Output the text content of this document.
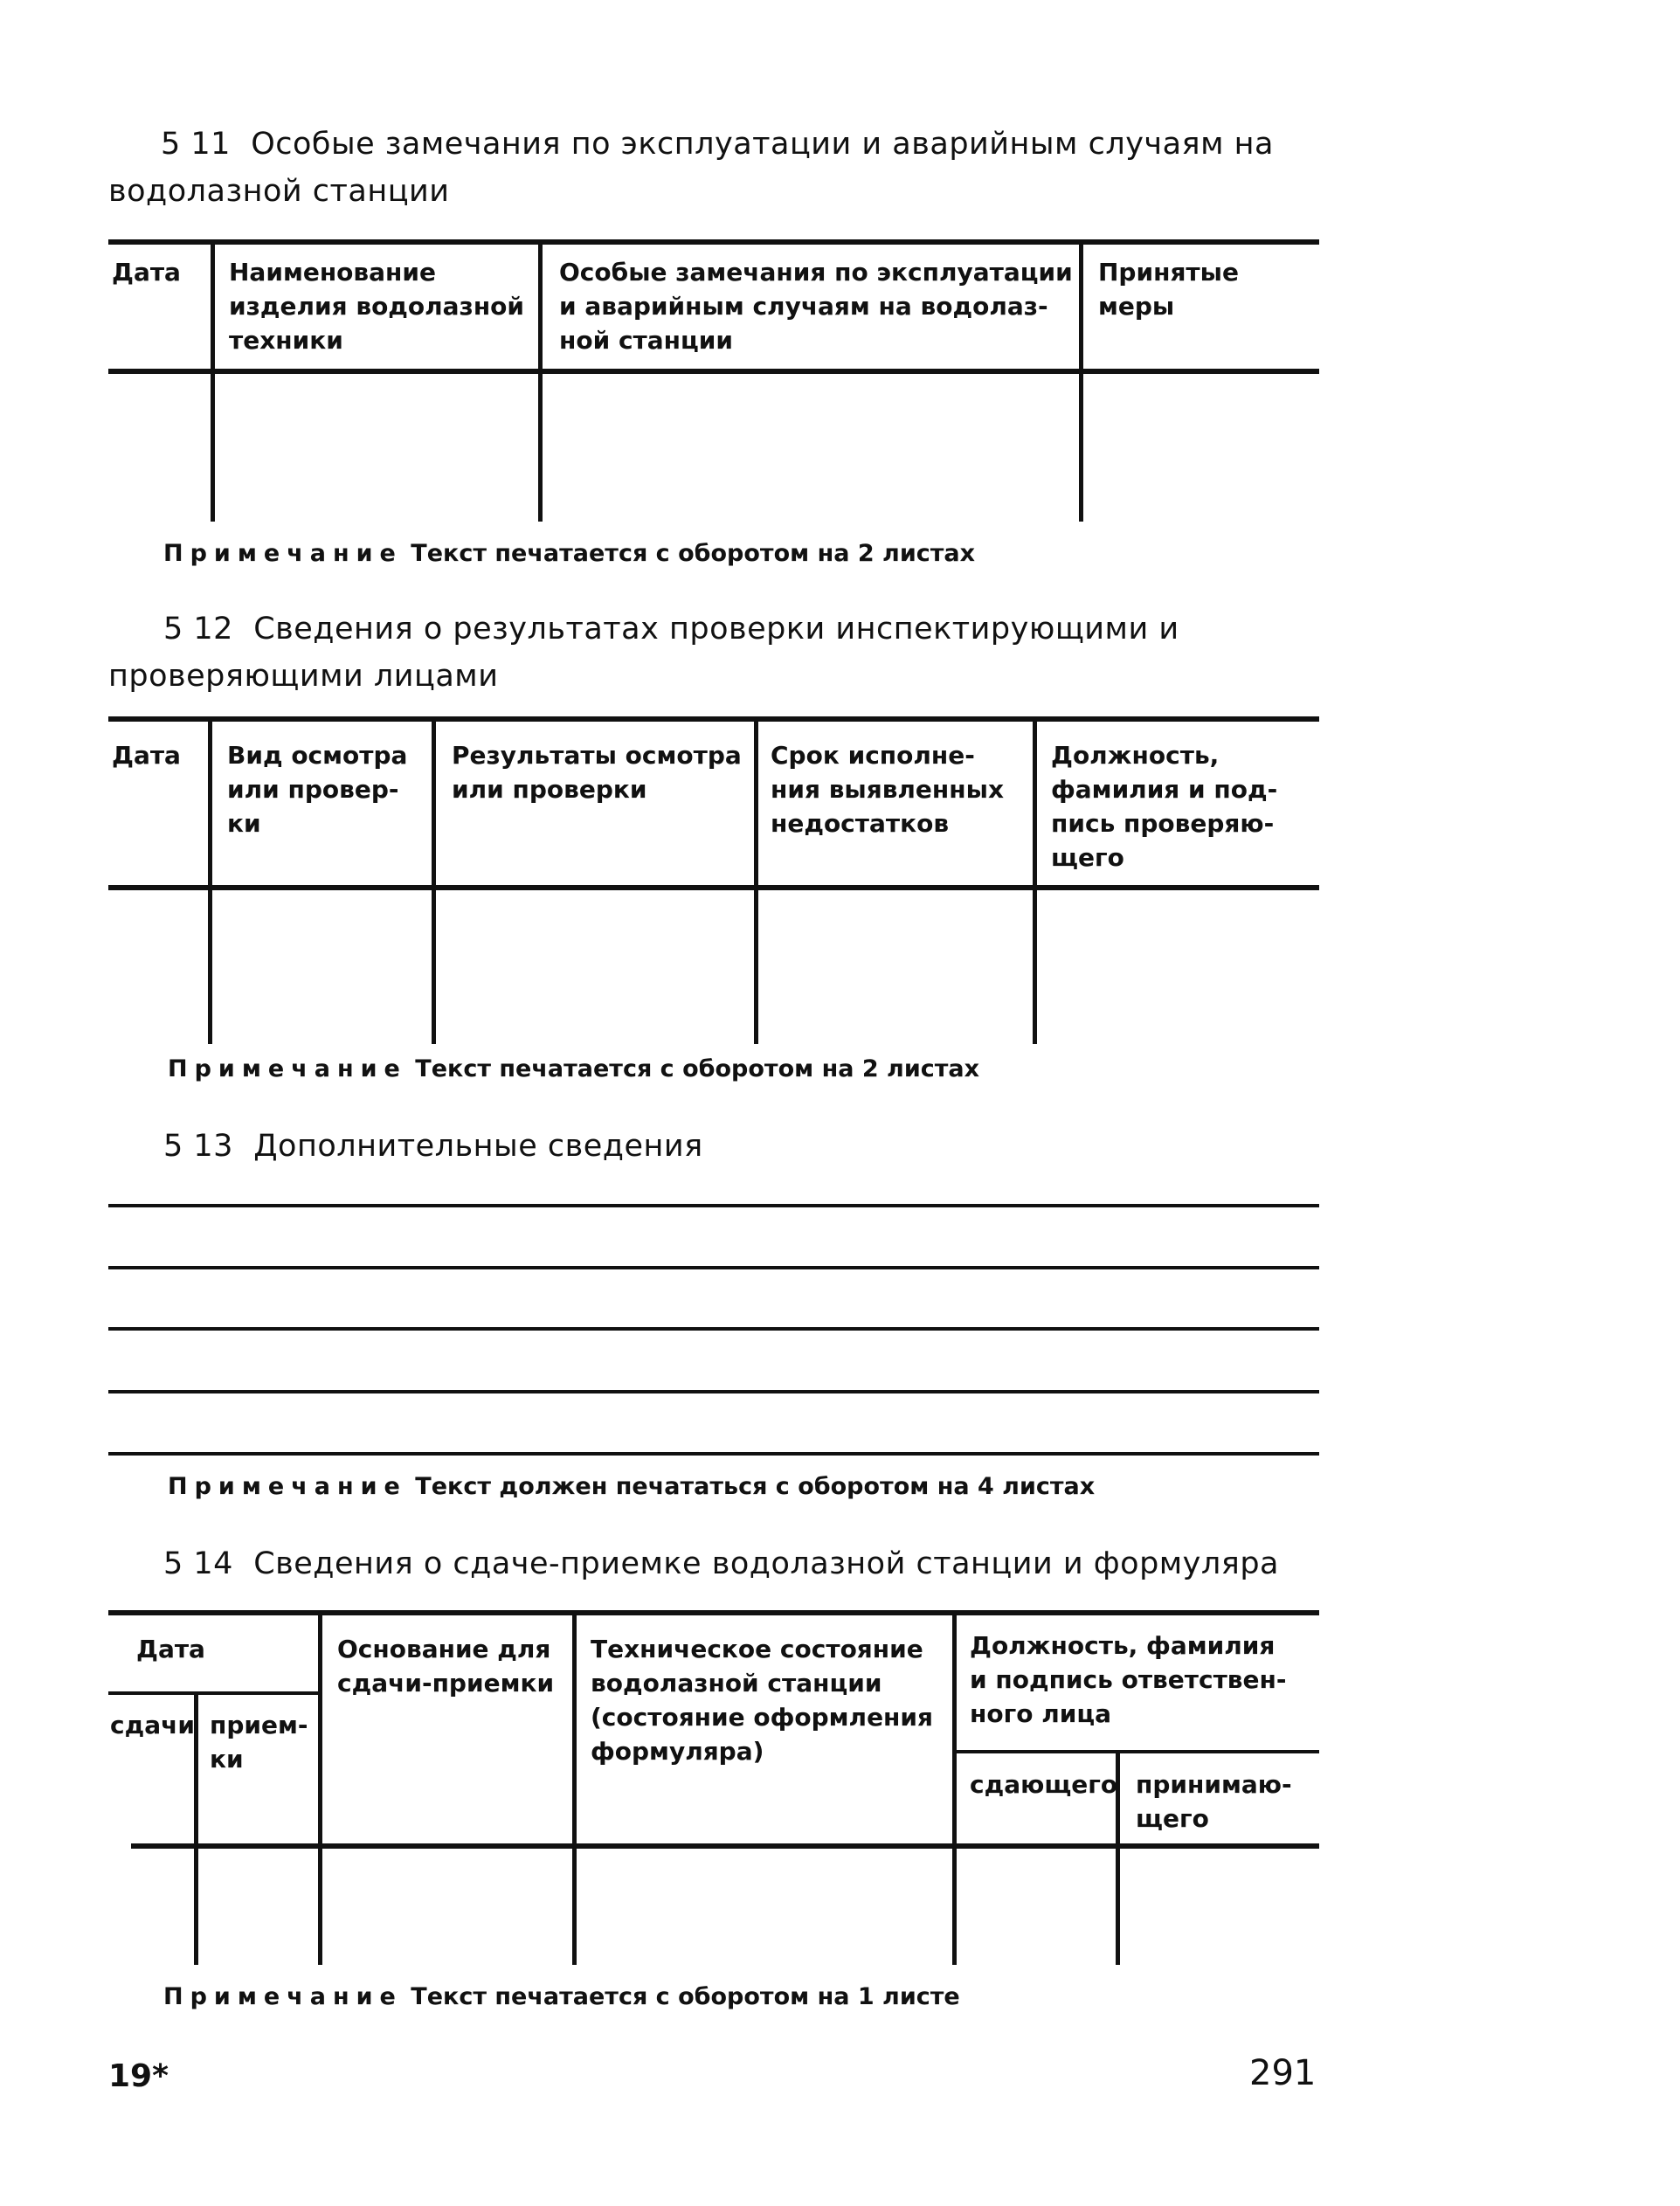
5 11 Особые замечания по эксплуатации и аварийным случаям на
водолазной станции
Дата Наименование
изделия водолазной
техники
Особые замечания по эксплуатации
и аварийным случаям на водолаз-
ной станции
Принятые
меры
Примечание Текст печатается с оборотом на 2 листах
5 12 Сведения о результатах проверки инспектирующими и
проверяющими лицами
Дата Вид осмотра
или провер-
ки
Результаты осмотра
или проверки
Срок исполне-
ния выявленных
недостатков
Должность,
фамилия и под-
пись проверяю-
щего
Примечание Текст печатается с оборотом на 2 листах
5 13 Дополнительные сведения
Примечание Текст должен печататься с оборотом на 4 листах
5 14 Сведения о сдаче-приемке водолазной станции и формуляра
Дата
сдачи прием-
ки
Основание для
сдачи-приемки
Техническое состояние
водолазной станции
(состояние оформления
формуляра)
Должность, фамилия
и подпись ответствен-
ного лица
сдающего принимаю-
щего
Примечание Текст печатается с оборотом на 1 листе
19*	291
